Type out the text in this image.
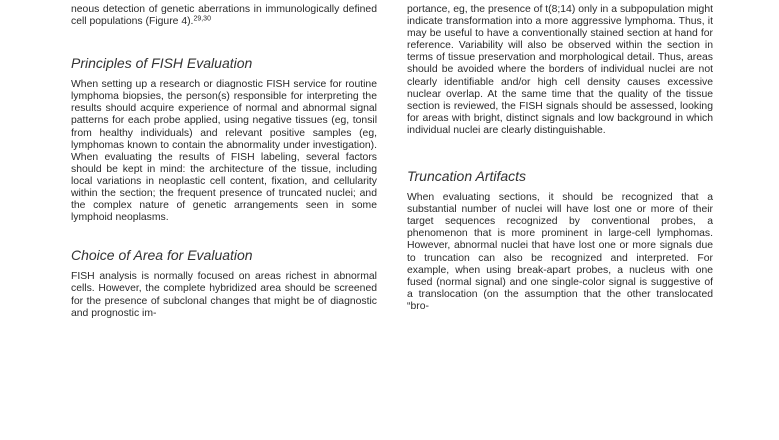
neous detection of genetic aberrations in immunologically defined cell populations (Figure 4).$^{29,30}$

Principles of FISH Evaluation

When setting up a research or diagnostic FISH service for routine lymphoma biopsies, the person(s) responsible for interpreting the results should acquire experience of normal and abnormal signal patterns for each probe applied, using negative tissues (eg, tonsil from healthy individuals) and relevant positive samples (eg, lymphomas known to contain the abnormality under investigation). When evaluating the results of FISH labeling, several factors should be kept in mind: the architecture of the tissue, including local variations in neoplastic cell content, fixation, and cellularity within the section; the frequent presence of truncated nuclei; and the complex nature of genetic arrangements seen in some lymphoid neoplasms.

Choice of Area for Evaluation

FISH analysis is normally focused on areas richest in abnormal cells. However, the complete hybridized area should be screened for the presence of subclonal changes that might be of diagnostic and prognostic im-

portance, eg, the presence of t(8;14) only in a subpopulation might indicate transformation into a more aggressive lymphoma. Thus, it may be useful to have a conventionally stained section at hand for reference. Variability will also be observed within the section in terms of tissue preservation and morphological detail. Thus, areas should be avoided where the borders of individual nuclei are not clearly identifiable and/or high cell density causes excessive nuclear overlap. At the same time that the quality of the tissue section is reviewed, the FISH signals should be assessed, looking for areas with bright, distinct signals and low background in which individual nuclei are clearly distinguishable.

Truncation Artifacts

When evaluating sections, it should be recognized that a substantial number of nuclei will have lost one or more of their target sequences recognized by conventional probes, a phenomenon that is more prominent in large-cell lymphomas. However, abnormal nuclei that have lost one or more signals due to truncation can also be recognized and interpreted. For example, when using break-apart probes, a nucleus with one fused (normal signal) and one single-color signal is suggestive of a translocation (on the assumption that the other translocated “bro-
